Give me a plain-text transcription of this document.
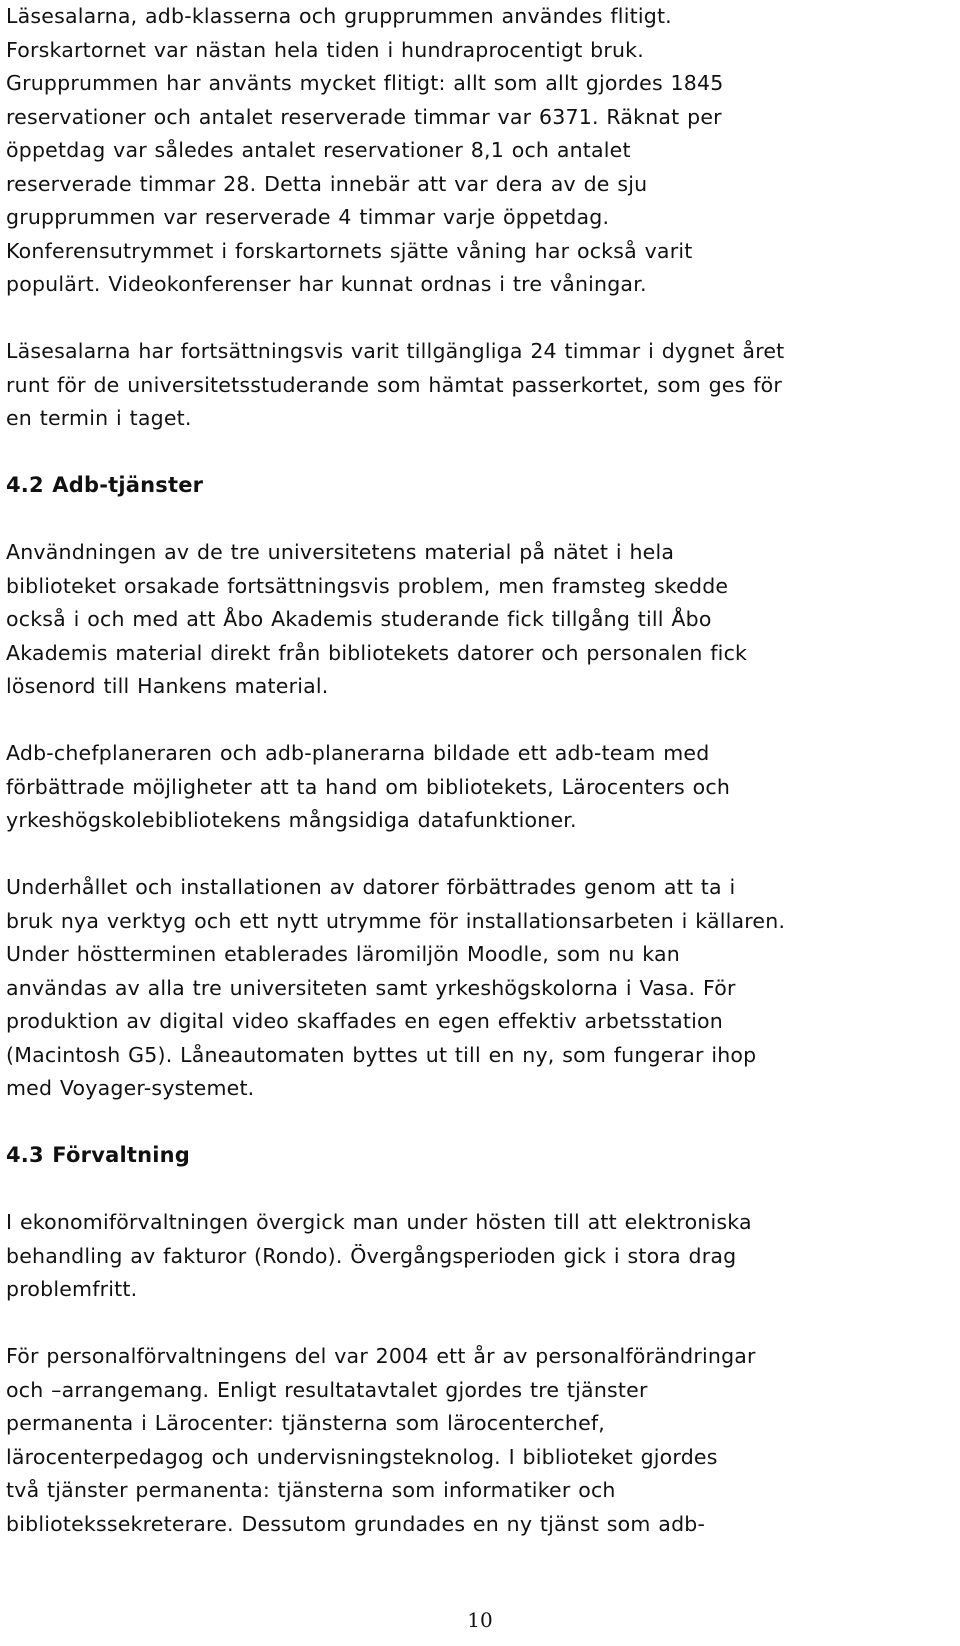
Läsesalarna, adb-klasserna och grupprummen användes flitigt.
Forskartornet var nästan hela tiden i hundraprocentigt bruk.
Grupprummen har använts mycket flitigt: allt som allt gjordes 1845
reservationer och antalet reserverade timmar var 6371. Räknat per
öppetdag var således antalet reservationer 8,1 och antalet
reserverade timmar 28. Detta innebär att var dera av de sju
grupprummen var reserverade 4 timmar varje öppetdag.
Konferensutrymmet i forskartornets sjätte våning har också varit
populärt. Videokonferenser har kunnat ordnas i tre våningar.
Läsesalarna har fortsättningsvis varit tillgängliga 24 timmar i dygnet året
runt för de universitetsstuderande som hämtat passerkortet, som ges för
en termin i taget.
4.2 Adb-tjänster
Användningen av de tre universitetens material på nätet i hela
biblioteket orsakade fortsättningsvis problem, men framsteg skedde
också i och med att Åbo Akademis studerande fick tillgång till Åbo
Akademis material direkt från bibliotekets datorer och personalen fick
lösenord till Hankens material.
Adb-chefplaneraren och adb-planerarna bildade ett adb-team med
förbättrade möjligheter att ta hand om bibliotekets, Lärocenters och
yrkeshögskolebibliotekens mångsidiga datafunktioner.
Underhållet och installationen av datorer förbättrades genom att ta i
bruk nya verktyg och ett nytt utrymme för installationsarbeten i källaren.
Under höstterminen etablerades läromiljön Moodle, som nu kan
användas av alla tre universiteten samt yrkeshögskolorna i Vasa. För
produktion av digital video skaffades en egen effektiv arbetsstation
(Macintosh G5). Låneautomaten byttes ut till en ny, som fungerar ihop
med Voyager-systemet.
4.3 Förvaltning
I ekonomiförvaltningen övergick man under hösten till att elektroniska
behandling av fakturor (Rondo). Övergångsperioden gick i stora drag
problemfritt.
För personalförvaltningens del var 2004 ett år av personalförändringar
och –arrangemang. Enligt resultatavtalet gjordes tre tjänster
permanenta i Lärocenter: tjänsterna som lärocenterchef,
lärocenterpedagog och undervisningsteknolog. I biblioteket gjordes
två tjänster permanenta: tjänsterna som informatiker och
bibliotekssekreterare. Dessutom grundades en ny tjänst som adb-
10
